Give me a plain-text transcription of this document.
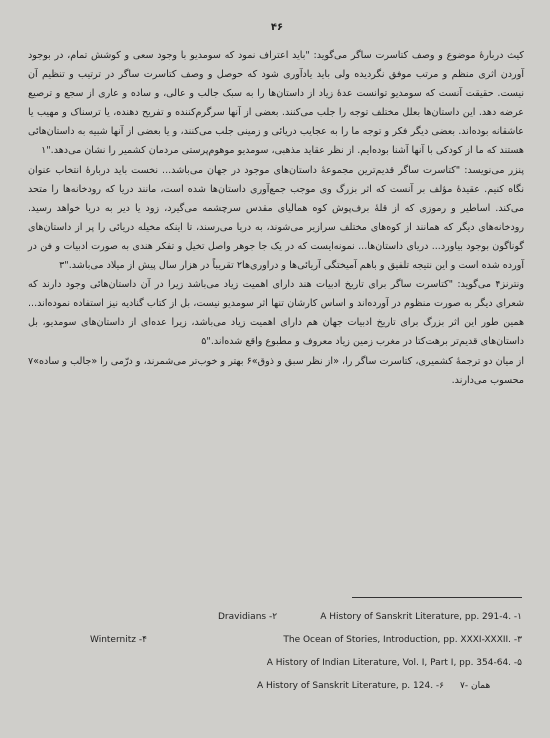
۴۶

کیث دربارهٔ موضوع و وصف کتاسرت ساگر می‌گوید: "باید اعتراف نمود که سومدیو با وجود سعی و کوشش تمام، در بوجود آوردن اثری منظم و مرتب موفق نگردیده ولی باید یادآوری شود که حوصل و وصف کتاسرت ساگر در ترتیب و تنظیم آن نیست. حقیقت آنست که سومدیو توانست عدهٔ زیاد از داستان‌ها را به سبک جالب و عالی، و ساده و عاری از سجع و ترصیع عرضه دهد. این داستان‌ها بعلل مختلف توجه را جلب می‌کنند. بعضی از آنها سرگرم‌کننده و تفریح دهنده، یا ترسناک و مهیب یا عاشقانه بوده‌اند. بعضی دیگر فکر و توجه ما را به عجایب دریائی و زمینی جلب می‌کنند، و یا بعضی از آنها شبیه به داستان‌هائی هستند که ما از کودکی با آنها آشنا بوده‌ایم. از نظر عقاید مذهبی، سومدیو موهوم‌پرستی مردمان کشمیر را نشان می‌دهد."۱

پنزر می‌نویسد: "کتاسرت ساگر قدیم‌ترین مجموعهٔ داستان‌های موجود در جهان می‌باشد... نخست باید دربارهٔ انتخاب عنوان نگاه کنیم. عقیدهٔ مؤلف بر آنست که اثر بزرگ وی موجب جمع‌آوری داستان‌ها شده است، مانند دریا که رودخانه‌ها را متحد می‌کند. اساطیر و رموزی که از قلهٔ برف‌پوش کوه همالیای مقدس سرچشمه می‌گیرد، زود یا دیر به دریا خواهد رسید. رودخانه‌های دیگر که همانند از کوه‌های مختلف سرازیر می‌شوند، به دریا می‌رسند، تا اینکه مخیله دریائی را پر از داستان‌های گوناگون بوجود بیاورد... دریای داستان‌ها... نمونه‌ایست که در یک جا جوهر واصل تخیل و تفکر هندی به صورت ادبیات و فن در آورده شده است و این نتیجه تلفیق و باهم آمیختگی آریائی‌ها و دراوری‌ها۲ تقریباً در هزار سال پیش از میلاد می‌باشد."۳

ونترنز۴ می‌گوید: "کتاسرت ساگر برای تاریخ ادبیات هند دارای اهمیت زیاد می‌باشد زیرا در آن داستان‌هائی وجود دارند که شعرای دیگر به صورت منظوم در آورده‌اند و اساس کارشان تنها اثر سومدیو نیست، بل از کتاب گنادیه نیز استفاده نموده‌اند... همین طور این اثر بزرگ برای تاریخ ادبیات جهان هم دارای اهمیت زیاد می‌باشد، زیرا عده‌ای از داستان‌های سومدیو، بل داستان‌های قدیم‌تر برهت‌کتا در مغرب زمین زیاد معروف و مطبوع واقع شده‌اند."۵

از میان دو ترجمهٔ کشمیری، کتاسرت ساگر را، «از نظر سبق و ذوق»۶ بهتر و خوب‌تر می‌شمرند، و درّمی را «جالب و ساده»۷ محسوب می‌دارند.

A History of Sanskrit Literature, pp. 291-4. -۱
Dravidians -۲
The Ocean of Stories, Introduction, pp. XXXI-XXXII. -۳
Winternitz -۴
A History of Indian Literature, Vol. I, Part I, pp. 354-64. -۵
A History of Sanskrit Literature, p. 124. -۶ ۷- همان
